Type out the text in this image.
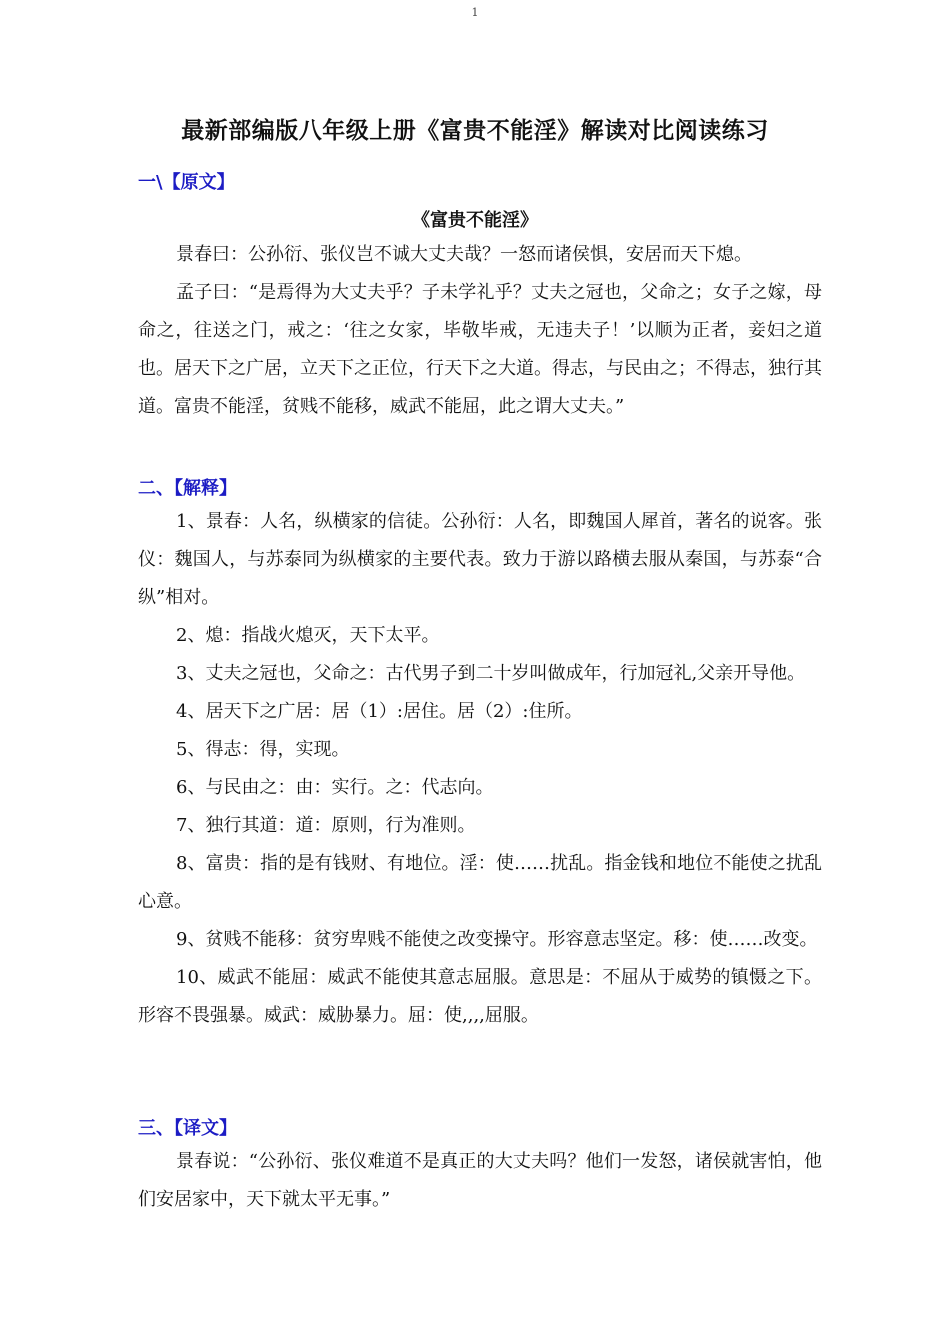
1
最新部编版八年级上册《富贵不能淫》解读对比阅读练习
一\【原文】
《富贵不能淫》

景春曰：公孙衍、张仪岂不诚大丈夫哉？一怒而诸侯惧，安居而天下熄。

孟子曰：“是焉得为大丈夫乎？子未学礼乎？丈夫之冠也，父命之；女子之嫁，母命之，往送之门，戒之：‘往之女家，毕敬毕戒，无违夫子！’以顺为正者，妾妇之道也。居天下之广居，立天下之正位，行天下之大道。得志，与民由之；不得志，独行其道。富贵不能淫，贫贱不能移，威武不能屈，此之谓大丈夫。”

二、【解释】

1、景春：人名，纵横家的信徒。公孙衍：人名，即魏国人犀首，著名的说客。张仪：魏国人，与苏泰同为纵横家的主要代表。致力于游以路横去服从秦国，与苏泰“合纵”相对。

2、熄：指战火熄灭，天下太平。

3、丈夫之冠也，父命之：古代男子到二十岁叫做成年，行加冠礼,父亲开导他。

4、居天下之广居：居（1）:居住。居（2）:住所。

5、得志：得，实现。

6、与民由之：由：实行。之：代志向。

7、独行其道：道：原则，行为准则。

8、富贵：指的是有钱财、有地位。淫：使……扰乱。指金钱和地位不能使之扰乱心意。

9、贫贱不能移：贫穷卑贱不能使之改变操守。形容意志坚定。移：使……改变。

10、威武不能屈：威武不能使其意志屈服。意思是：不屈从于威势的镇慑之下。形容不畏强暴。威武：威胁暴力。屈：使,,,,屈服。

三、【译文】

景春说：“公孙衍、张仪难道不是真正的大丈夫吗？他们一发怒，诸侯就害怕，他们安居家中，天下就太平无事。”
